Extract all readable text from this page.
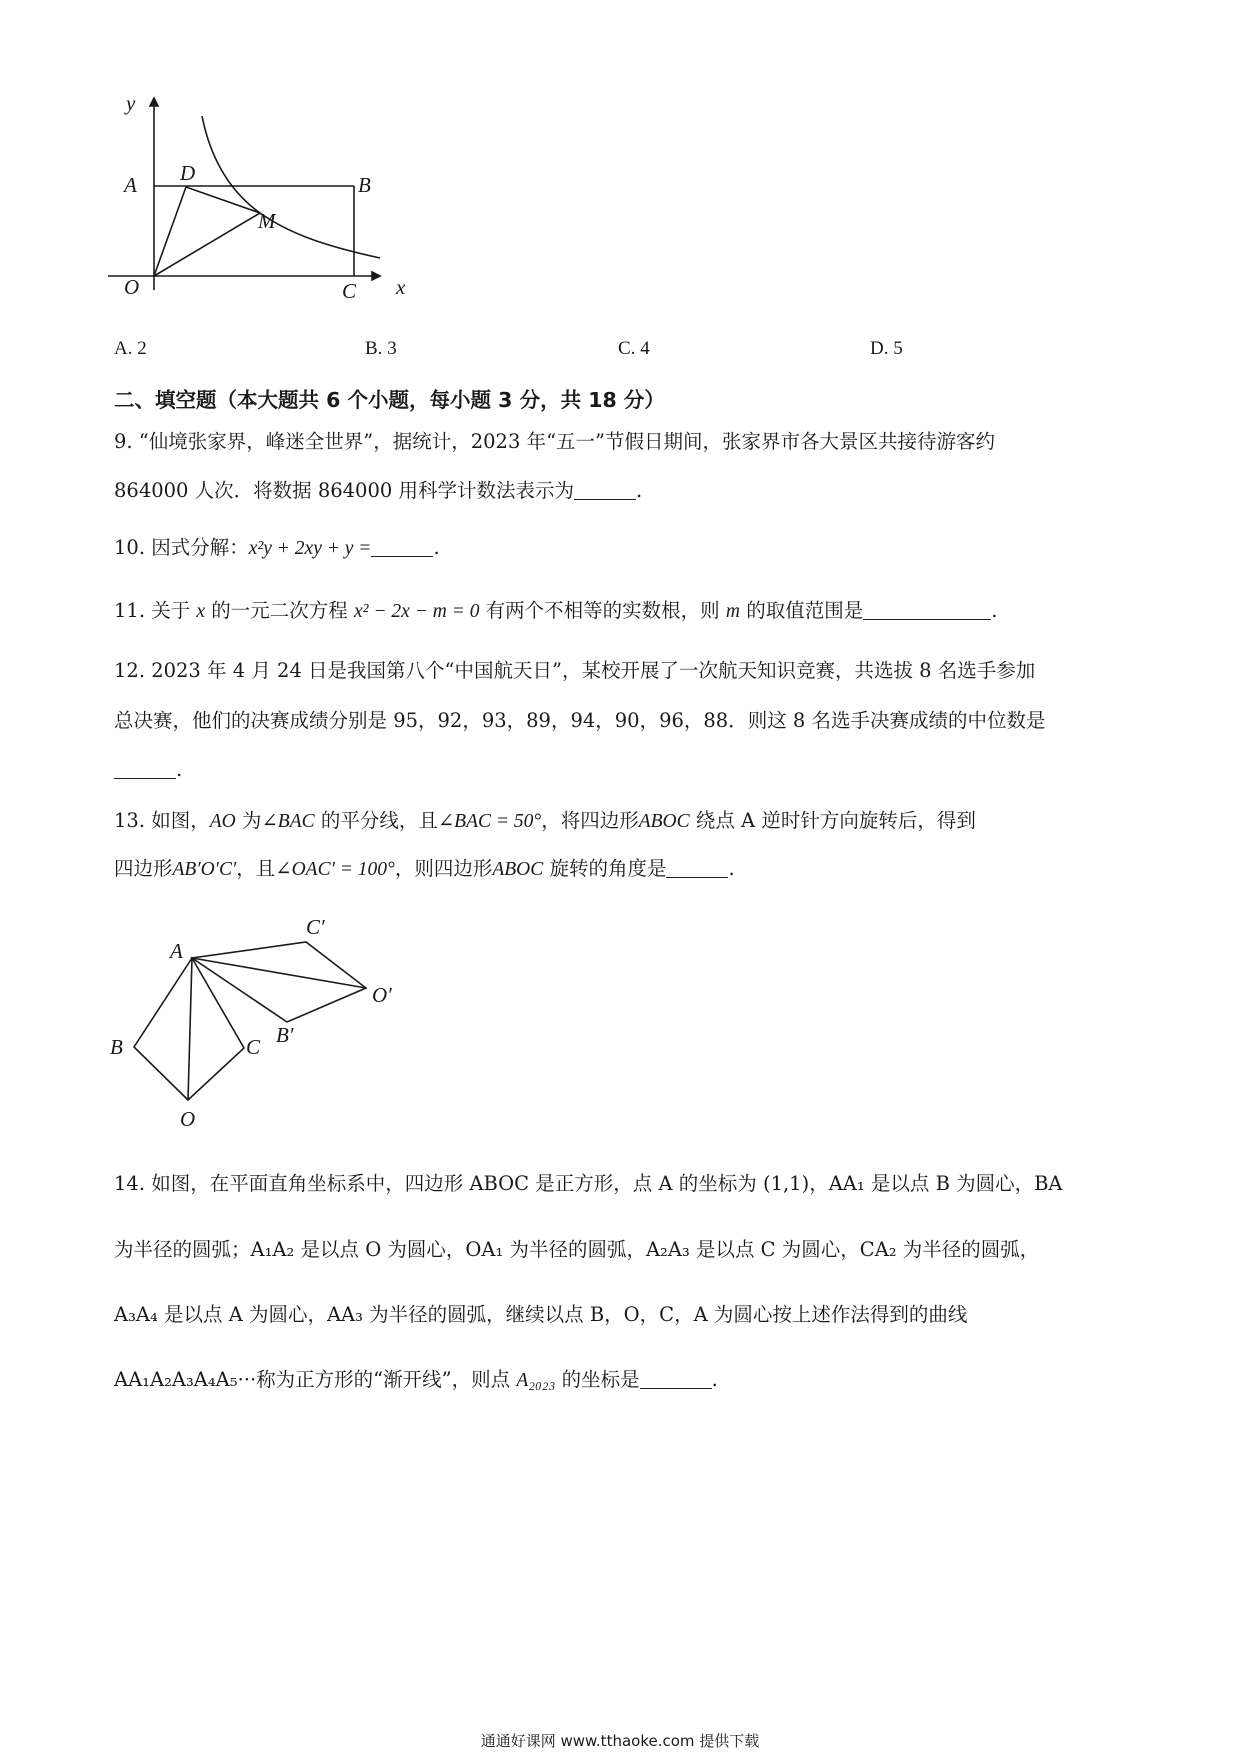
y
A D	B
M
O	C x
A. 2	B. 3	C. 4	D. 5
二、填空题（本大题共 6 个小题，每小题 3 分，共 18 分）
9. “仙境张家界，峰迷全世界”，据统计，2023 年“五一”节假日期间，张家界市各大景区共接待游客约
864000 人次．将数据 864000 用科学计数法表示为	.
10. 因式分解：x²y + 2xy + y =	.
11. 关于 x 的一元二次方程 x² − 2x − m = 0 有两个不相等的实数根，则 m 的取值范围是	.
12. 2023 年 4 月 24 日是我国第八个“中国航天日”，某校开展了一次航天知识竞赛，共选拔 8 名选手参加
总决赛，他们的决赛成绩分别是 95，92，93，89，94，90，96，88．则这 8 名选手决赛成绩的中位数是
.
13. 如图，AO 为∠BAC 的平分线，且∠BAC = 50°，将四边形ABOC 绕点 A 逆时针方向旋转后，得到
四边形AB′O′C′，且∠OAC′ = 100°，则四边形ABOC 旋转的角度是	.
A
C′
O′
B′
B	C
O
14. 如图，在平面直角坐标系中，四边形 ABOC 是正方形，点 A 的坐标为 (1,1)，AA₁ 是以点 B 为圆心，BA
为半径的圆弧；A₁A₂ 是以点 O 为圆心，OA₁ 为半径的圆弧，A₂A₃ 是以点 C 为圆心，CA₂ 为半径的圆弧，
A₃A₄ 是以点 A 为圆心，AA₃ 为半径的圆弧，继续以点 B，O，C，A 为圆心按上述作法得到的曲线
AA₁A₂A₃A₄A₅···称为正方形的“渐开线”，则点 A₂₀₂₃ 的坐标是	.
通通好课网 www.tthaoke.com 提供下载
